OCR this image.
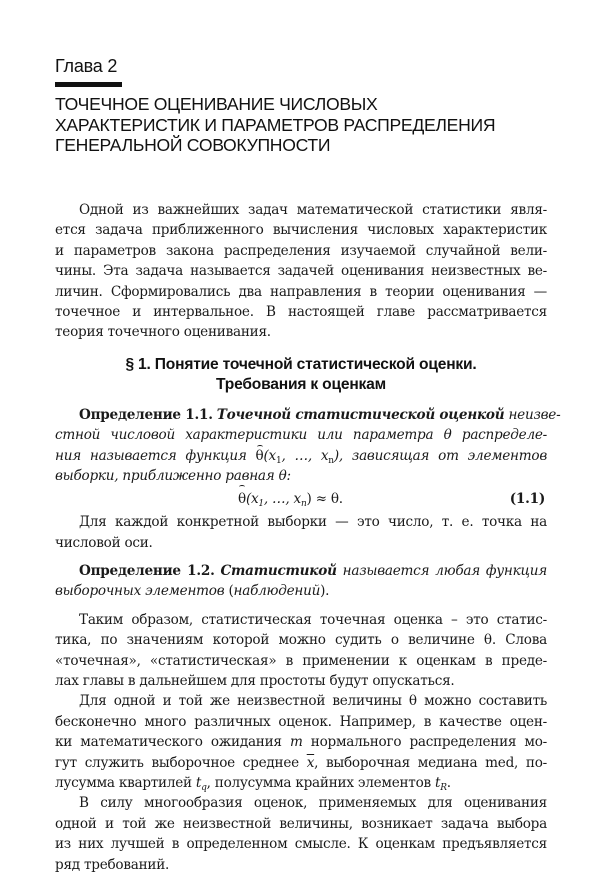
Глава 2
ТОЧЕЧНОЕ ОЦЕНИВАНИЕ ЧИСЛОВЫХ
ХАРАКТЕРИСТИК И ПАРАМЕТРОВ РАСПРЕДЕЛЕНИЯ
ГЕНЕРАЛЬНОЙ СОВОКУПНОСТИ
Одной из важнейших задач математической статистики явля-
ется задача приближенного вычисления числовых характеристик
и параметров закона распределения изучаемой случайной вели-
чины. Эта задача называется задачей оценивания неизвестных ве-
личин. Сформировались два направления в теории оценивания —
точечное и интервальное. В настоящей главе рассматривается
теория точечного оценивания.
§ 1. Понятие точечной статистической оценки.
Требования к оценкам
Определение 1.1. Точечной статистической оценкой неизве-
стной числовой характеристики или параметра θ распределе-
ния называется функция $\theta(x_1$, …, $x_n$), зависящая от элементов
выборки, приближенно равная θ:
$\theta(x_1$, …, $x_n) \approx \theta$.	(1.1)
Для каждой конкретной выборки — это число, т. е. точка на
числовой оси.
Определение 1.2. Статистикой называется любая функция
выборочных элементов (наблюдений).
Таким образом, статистическая точечная оценка – это статис-
тика, по значениям которой можно судить о величине θ. Слова
«точечная», «статистическая» в применении к оценкам в преде-
лах главы в дальнейшем для простоты будут опускаться.
Для одной и той же неизвестной величины θ можно составить
бесконечно много различных оценок. Например, в качестве оцен-
ки математического ожидания m нормального распределения мо-
гут служить выборочное среднее $\overline{x}$, выборочная медиана med, по-
лусумма квартилей $t_q$, полусумма крайних элементов $t_R$.
В силу многообразия оценок, применяемых для оценивания
одной и той же неизвестной величины, возникает задача выбора
из них лучшей в определенном смысле. К оценкам предъявляется
ряд требований.
